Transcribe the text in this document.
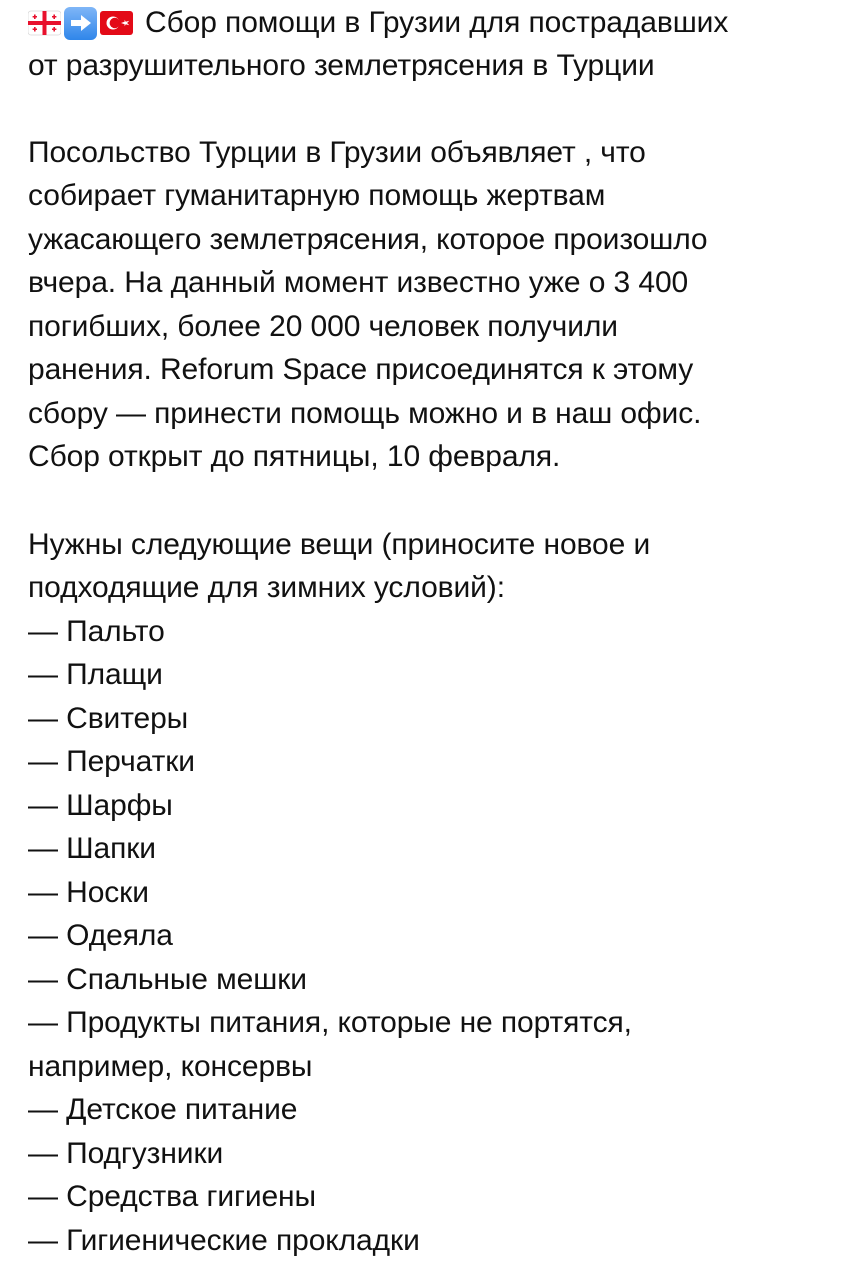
Сбор помощи в Грузии для пострадавших
от разрушительного землетрясения в Турции
Посольство Турции в Грузии объявляет , что
собирает гуманитарную помощь жертвам
ужасающего землетрясения, которое произошло
вчера. На данный момент известно уже о 3 400
погибших, более 20 000 человек получили
ранения. Reforum Space присоединятся к этому
сбору — принести помощь можно и в наш офис.
Сбор открыт до пятницы, 10 февраля.
Нужны следующие вещи (приносите новое и
подходящие для зимних условий):
— Пальто
— Плащи
— Свитеры
— Перчатки
— Шарфы
— Шапки
— Носки
— Одеяла
— Спальные мешки
— Продукты питания, которые не портятся,
например, консервы
— Детское питание
— Подгузники
— Средства гигиены
— Гигиенические прокладки
